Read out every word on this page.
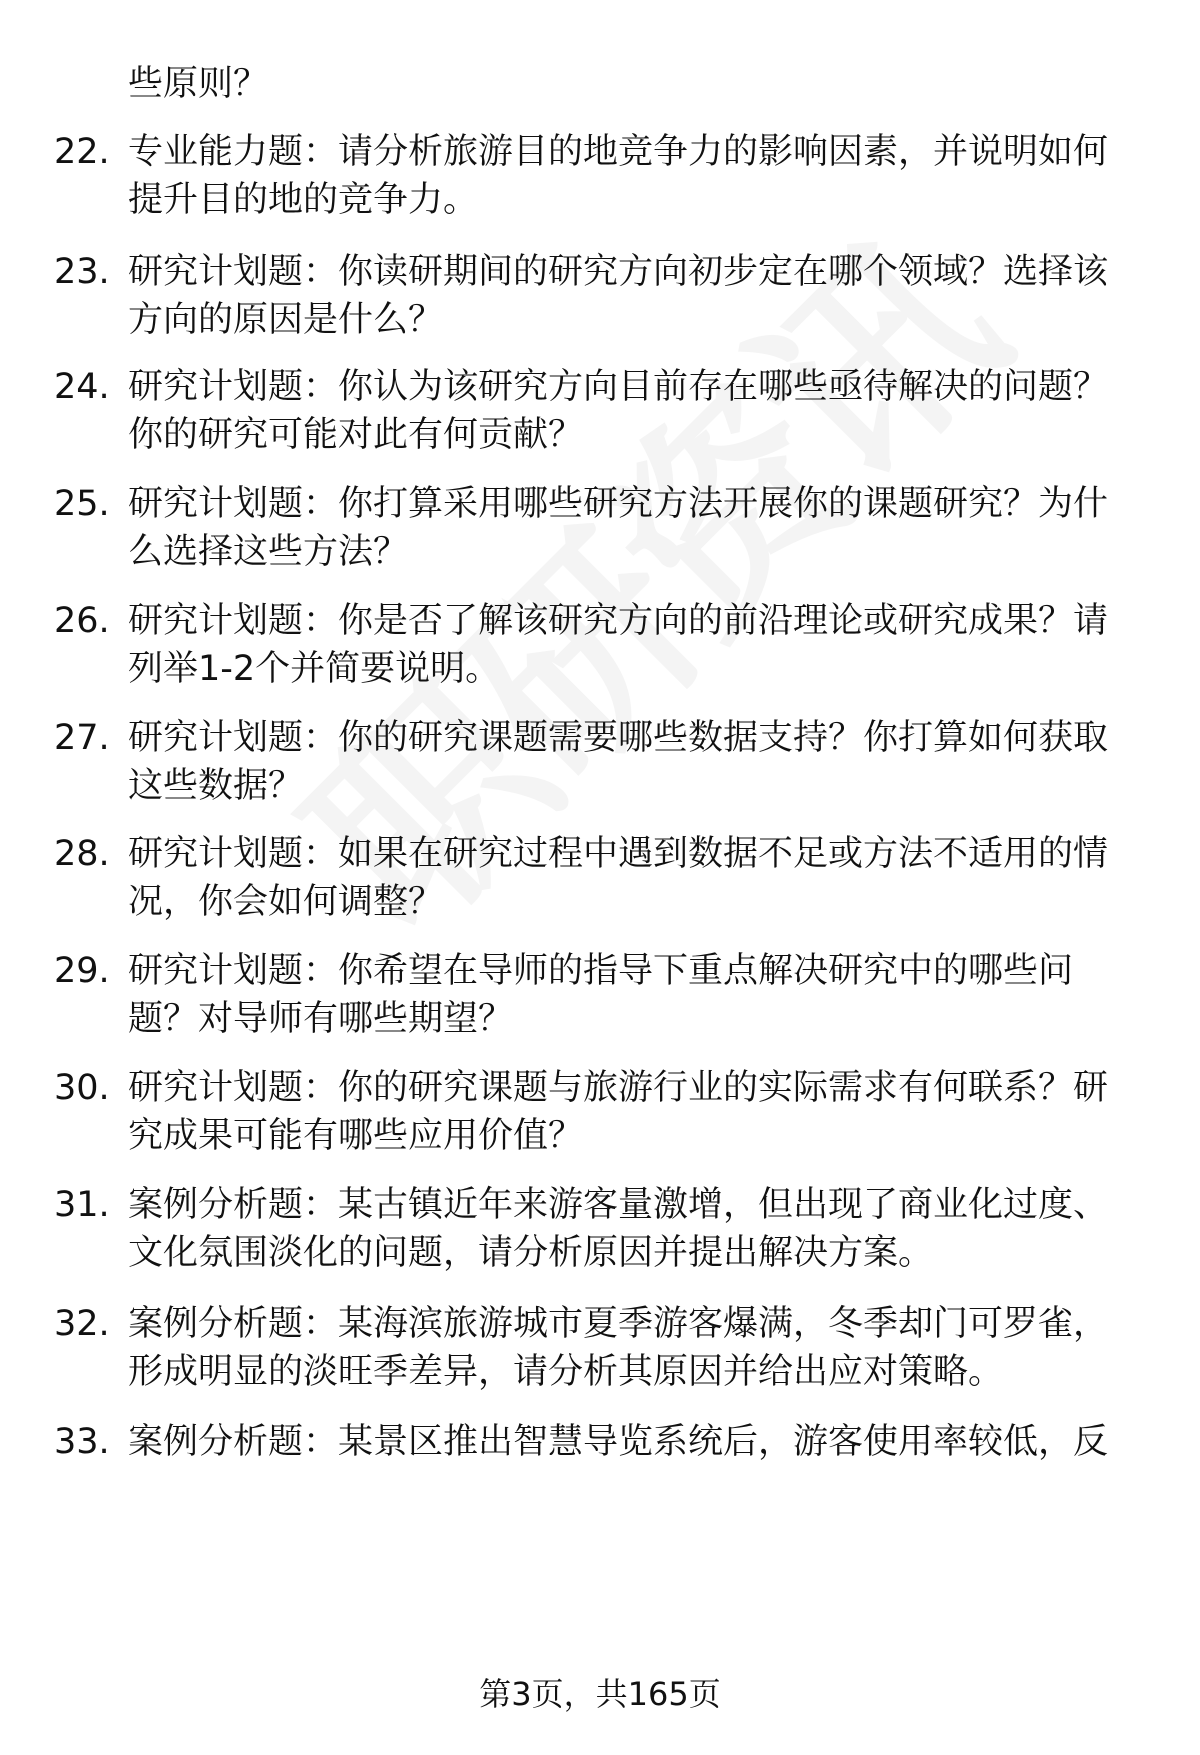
些原则？
22. 专业能力题：请分析旅游目的地竞争力的影响因素，并说明如何提升目的地的竞争力。
23. 研究计划题：你读研期间的研究方向初步定在哪个领域？选择该方向的原因是什么？
24. 研究计划题：你认为该研究方向目前存在哪些亟待解决的问题？你的研究可能对此有何贡献？
25. 研究计划题：你打算采用哪些研究方法开展你的课题研究？为什么选择这些方法？
26. 研究计划题：你是否了解该研究方向的前沿理论或研究成果？请列举1-2个并简要说明。
27. 研究计划题：你的研究课题需要哪些数据支持？你打算如何获取这些数据？
28. 研究计划题：如果在研究过程中遇到数据不足或方法不适用的情况，你会如何调整？
29. 研究计划题：你希望在导师的指导下重点解决研究中的哪些问题？对导师有哪些期望？
30. 研究计划题：你的研究课题与旅游行业的实际需求有何联系？研究成果可能有哪些应用价值？
31. 案例分析题：某古镇近年来游客量激增，但出现了商业化过度、文化氛围淡化的问题，请分析原因并提出解决方案。
32. 案例分析题：某海滨旅游城市夏季游客爆满，冬季却门可罗雀，形成明显的淡旺季差异，请分析其原因并给出应对策略。
33. 案例分析题：某景区推出智慧导览系统后，游客使用率较低，反
第3页，共165页
